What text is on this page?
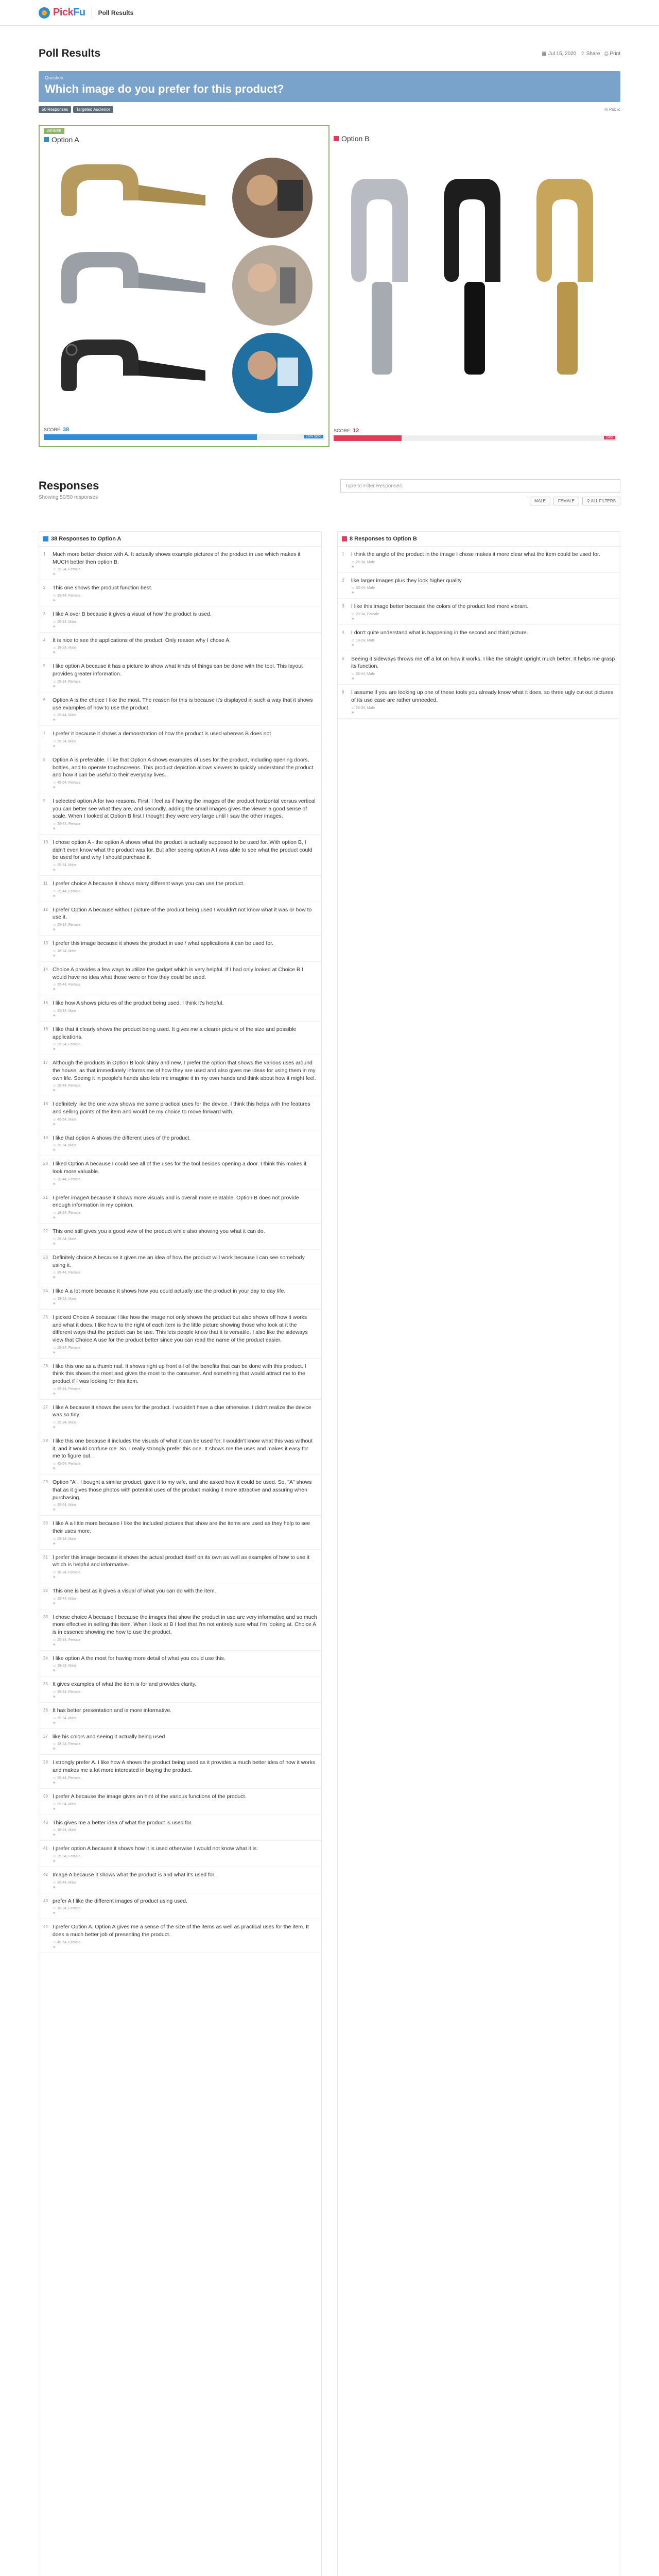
PickFu Poll Results
Poll Results	▦ Jul 15, 2020 ⇪ Share ⎙ Print
Question
Which image do you prefer for this product?
50 Responses	Targeted Audience	◎ Public
WINNER
Option A
SCORE: 38
76% 50%
Option B
SCORE: 12
24%
Responses
Showing 50/50 responses
Type to Filter Responses
MALE	FEMALE	⚲ ALL FILTERS
38 Responses to Option A
1	Much more better choice with A. It actually shows example pictures of the product in use which makes it MUCH better then option B.
☺ 25-34, Female
⚑
2	This one shows the product function best.
☺ 35-44, Female
⚑
3	I like A over B because it gives a visual of how the product is used.
☺ 25-34, Male
⚑
4	It is nice to see the applications of the product. Only reason why I chose A.
☺ 18-24, Male
⚑
5	I like option A because it has a picture to show what kinds of things can be done with the tool. This layout provides greater information.
☺ 25-34, Female
⚑
6	Option A is the choice I like the most. The reason for this is because it's displayed in such a way that it shows use examples of how to use the product.
☺ 35-44, Male
⚑
7	I prefer it because it shows a demonstration of how the product is used whereas B does not
☺ 25-34, Male
⚑
8	Option A is preferable. I like that Option A shows examples of uses for the product, including opening doors, bottles, and to operate touchscreens. This product depiction allows viewers to quickly understand the product and how it can be useful to their everyday lives.
☺ 45-54, Female
⚑
9	I selected option A for two reasons. First, I feel as if having the images of the product horizontal versus vertical you can better see what they are, and secondly, adding the small images gives the viewer a good sense of scale. When I looked at Option B first I thought they were very large until I saw the other images.
☺ 35-44, Female
⚑
10 I chose option A - the option A shows what the product is actually supposed to be used for. With option B, I didn't even know what the product was for. But after seeing option A I was able to see what the product could be used for and why I should purchase it.
☺ 25-34, Male
⚑
11 I prefer choice A because it shows many different ways you can use the product.
☺ 35-44, Female
⚑
12 I prefer Option A because without picture of the product being used I wouldn't not know what it was or how to use it.
☺ 25-34, Female
⚑
13 I prefer this image because it shows the product in use / what applications it can be used for.
☺ 18-24, Male
⚑
14 Choice A provides a few ways to utilize the gadget which is very helpful. If I had only looked at Choice B I would have no idea what those were or how they could be used.
☺ 35-44, Female
⚑
15 I like how A shows pictures of the product being used, I think it's helpful.
☺ 25-34, Male
⚑
16 I like that it clearly shows the product being used. It gives me a clearer picture of the size and possible applications.
☺ 25-34, Female
⚑
17 Although the products in Option B look shiny and new, I prefer the option that shows the various uses around the house, as that immediately informs me of how they are used and also gives me ideas for using them in my own life. Seeing it in people's hands also lets me imagine it in my own hands and think about how it might feel.
☺ 35-44, Female
⚑
18 I definitely like the one wow shows me some practical uses for the device. I think this helps with the features and selling points of the item and would be my choice to move forward with.
☺ 45-54, Male
⚑
19 I like that option A shows the different uses of the product.
☺ 25-34, Male
⚑
20 I liked Option A because I could see all of the uses for the tool besides opening a door. I think this makes it look more valuable.
☺ 35-44, Female
⚑
21 I prefer imageA because it shows more visuals and is overall more relatable. Option B does not provide enough information in my opinion.
☺ 18-24, Female
⚑
22 This one still gives you a good view of the product while also showing you what it can do.
☺ 25-34, Male
⚑
23 Definitely choice A because it gives me an idea of how the product will work because I can see somebody using it.
☺ 35-44, Female
⚑
24 I like A a lot more because it shows how you could actually use the product in your day to day life.
☺ 18-24, Male
⚑
25 I picked Choice A because I like how the image not only shows the product but also shows off how it works and what it does. I like how to the right of each item is the little picture showing those who look at it the different ways that the product can be use. This lets people know that it is versatile. I also like the sideways view that Choice A use for the product better since you can read the name of the product easier.
☺ 25-34, Female
⚑
26 I like this one as a thumb nail. It shows right up front all of the benefits that can be done with this product. I think this shows the most and gives the most to the consumer. And something that would attract me to the product if I was looking for this item.
☺ 35-44, Female
⚑
27 I like A because it shows the uses for the product. I wouldn't have a clue otherwise. I didn't realize the device was so tiny.
☺ 25-34, Male
⚑
28 I like this one because it includes the visuals of what it can be used for. I wouldn't know what this was without it, and it would confuse me. So, I really strongly prefer this one. It shows me the uses and makes it easy for me to figure out.
☺ 45-54, Female
⚑
29 Option "A". I bought a similar product, gave it to my wife, and she asked how it could be used. So, "A" shows that as it gives those photos with potential uses of the product making it more attractive and assuring when purchasing.
☺ 55-64, Male
⚑
30 I like A a little more because I like the included pictures that show are the items are used as they help to see their uses more.
☺ 25-34, Male
⚑
31 I prefer this image because it shows the actual product itself on its own as well as examples of how to use it which is helpful and informative.
☺ 18-24, Female
⚑
32 This one is best as it gives a visual of what you can do with the item.
☺ 35-44, Male
⚑
33 I chose choice A because I because the images that show the product in use are very informative and so much more effective in selling this item. When I look at B I feel that I'm not entirely sure what I'm looking at. Choice A is in essence showing me how to use the product.
☺ 25-34, Female
⚑
34 I like option A the most for having more detail of what you could use this.
☺ 18-24, Male
⚑
35 It gives examples of what the item is for and provides clarity.
☺ 35-44, Female
⚑
36 It has better presentation and is more informative.
☺ 25-34, Male
⚑
37 like his colors and seeing it actually being used
☺ 18-24, Female
⚑
38 I strongly prefer A. I like how A shows the product being used as it provides a much better idea of how it works and makes me a lot more interested in buying the product.
☺ 35-44, Female
⚑
39 I prefer A because the image gives an hint of the various functions of the product.
☺ 25-34, Male
⚑
40 This gives me a better idea of what the product is used for.
☺ 18-24, Male
⚑
41 I prefer option A because it shows how it is used otherwise I would not know what it is.
☺ 25-34, Female
⚑
42 Image A because it shows what the product is and what it's used for.
☺ 35-44, Male
⚑
43 prefer A I like the different images of product using used.
☺ 18-24, Female
⚑
44 I prefer Option A. Option A gives me a sense of the size of the items as well as practical uses for the item. It does a much better job of presenting the product.
☺ 45-54, Female
⚑
8 Responses to Option B
1	I think the angle of the product in the image I chose makes it more clear what the item could be used for.
☺ 25-34, Male
⚑
2	like larger images plus they look higher quality
☺ 35-44, Male
⚑
3	I like this image better because the colors of the product feel more vibrant.
☺ 25-34, Female
⚑
4	I don't quite understand what is happening in the second and third picture.
☺ 18-24, Male
⚑
5	Seeing it sideways throws me off a lot on how it works. I like the straight upright much better. It helps me grasp its function.
☺ 35-44, Male
⚑
6	I assume if you are looking up one of these tools you already know what it does, so three ugly cut out pictures of its use case are rather unneeded.
☺ 25-34, Male
⚑
